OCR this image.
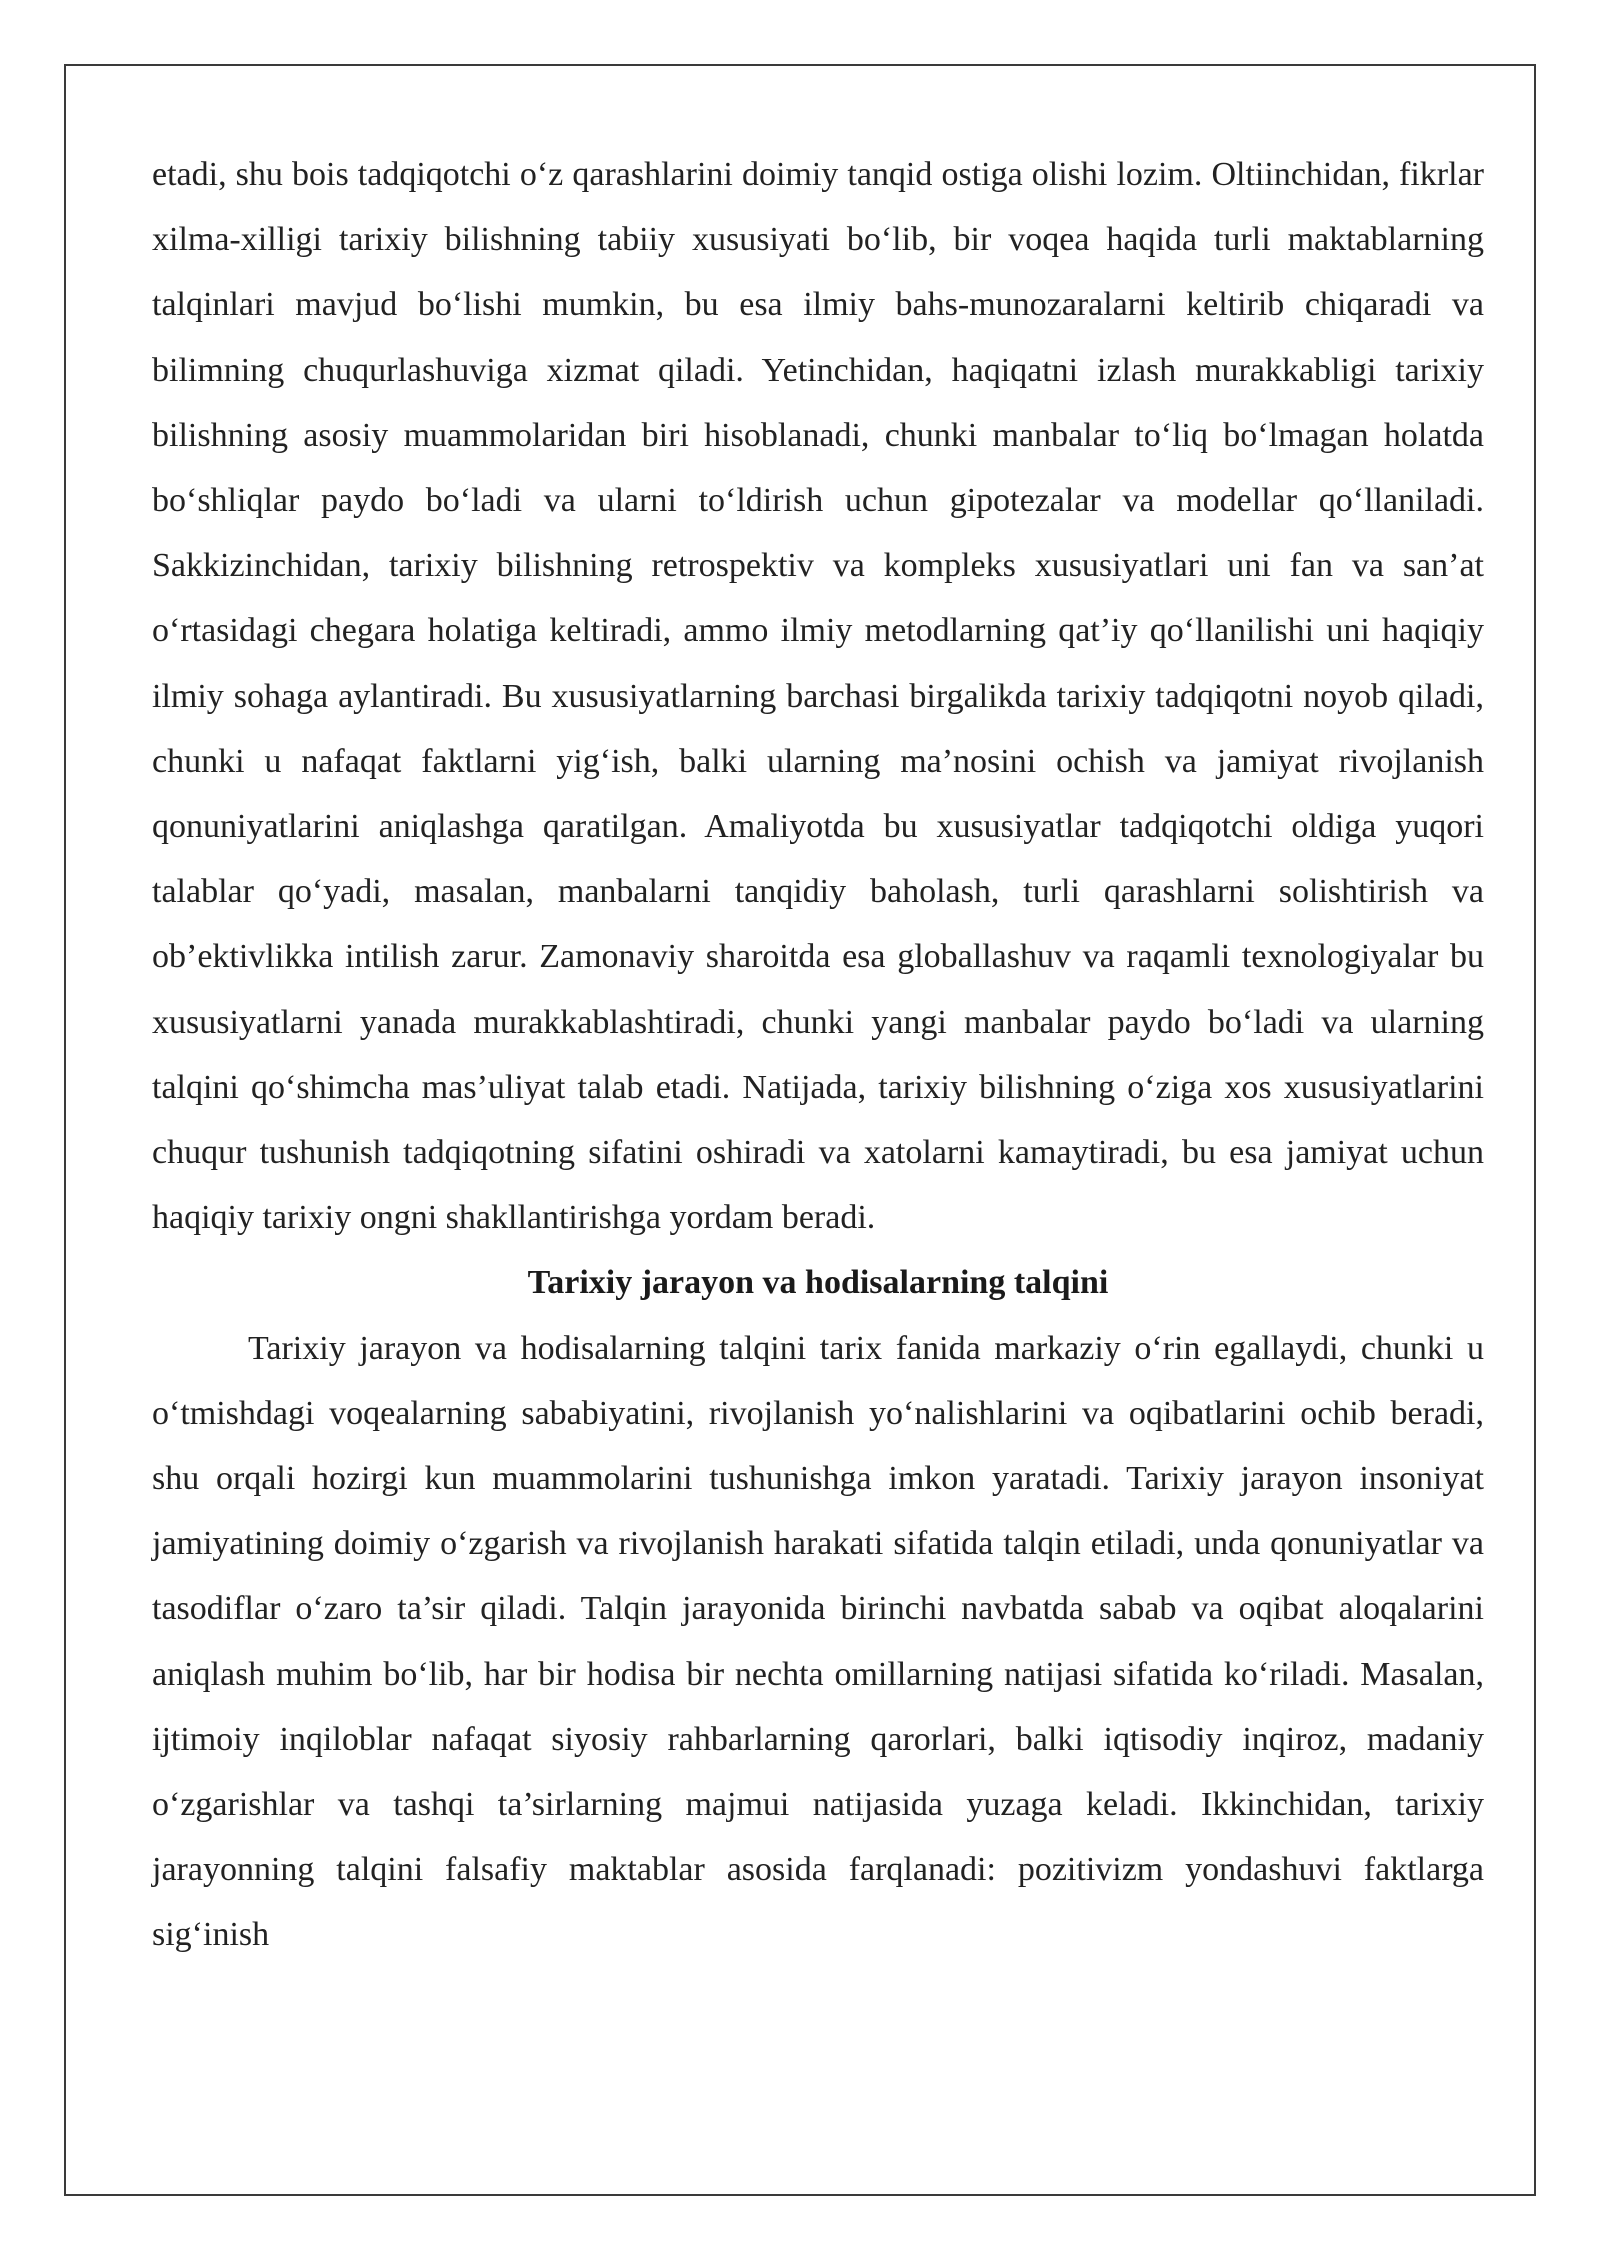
etadi, shu bois tadqiqotchi o‘z qarashlarini doimiy tanqid ostiga olishi lozim. Oltiinchidan, fikrlar xilma-xilligi tarixiy bilishning tabiiy xususiyati bo‘lib, bir voqea haqida turli maktablarning talqinlari mavjud bo‘lishi mumkin, bu esa ilmiy bahs-munozaralarni keltirib chiqaradi va bilimning chuqurlashuviga xizmat qiladi. Yetinchidan, haqiqatni izlash murakkabligi tarixiy bilishning asosiy muammolaridan biri hisoblanadi, chunki manbalar to‘liq bo‘lmagan holatda bo‘shliqlar paydo bo‘ladi va ularni to‘ldirish uchun gipotezalar va modellar qo‘llaniladi. Sakkizinchidan, tarixiy bilishning retrospektiv va kompleks xususiyatlari uni fan va san’at o‘rtasidagi chegara holatiga keltiradi, ammo ilmiy metodlarning qat’iy qo‘llanilishi uni haqiqiy ilmiy sohaga aylantiradi. Bu xususiyatlarning barchasi birgalikda tarixiy tadqiqotni noyob qiladi, chunki u nafaqat faktlarni yig‘ish, balki ularning ma’nosini ochish va jamiyat rivojlanish qonuniyatlarini aniqlashga qaratilgan. Amaliyotda bu xususiyatlar tadqiqotchi oldiga yuqori talablar qo‘yadi, masalan, manbalarni tanqidiy baholash, turli qarashlarni solishtirish va ob’ektivlikka intilish zarur. Zamonaviy sharoitda esa globallashuv va raqamli texnologiyalar bu xususiyatlarni yanada murakkablashtiradi, chunki yangi manbalar paydo bo‘ladi va ularning talqini qo‘shimcha mas’uliyat talab etadi. Natijada, tarixiy bilishning o‘ziga xos xususiyatlarini chuqur tushunish tadqiqotning sifatini oshiradi va xatolarni kamaytiradi, bu esa jamiyat uchun haqiqiy tarixiy ongni shakllantirishga yordam beradi.

Tarixiy jarayon va hodisalarning talqini

Tarixiy jarayon va hodisalarning talqini tarix fanida markaziy o‘rin egallaydi, chunki u o‘tmishdagi voqealarning sababiyatini, rivojlanish yo‘nalishlarini va oqibatlarini ochib beradi, shu orqali hozirgi kun muammolarini tushunishga imkon yaratadi. Tarixiy jarayon insoniyat jamiyatining doimiy o‘zgarish va rivojlanish harakati sifatida talqin etiladi, unda qonuniyatlar va tasodiflar o‘zaro ta’sir qiladi. Talqin jarayonida birinchi navbatda sabab va oqibat aloqalarini aniqlash muhim bo‘lib, har bir hodisa bir nechta omillarning natijasi sifatida ko‘riladi. Masalan, ijtimoiy inqiloblar nafaqat siyosiy rahbarlarning qarorlari, balki iqtisodiy inqiroz, madaniy o‘zgarishlar va tashqi ta’sirlarning majmui natijasida yuzaga keladi. Ikkinchidan, tarixiy jarayonning talqini falsafiy maktablar asosida farqlanadi: pozitivizm yondashuvi faktlarga sig‘inish
